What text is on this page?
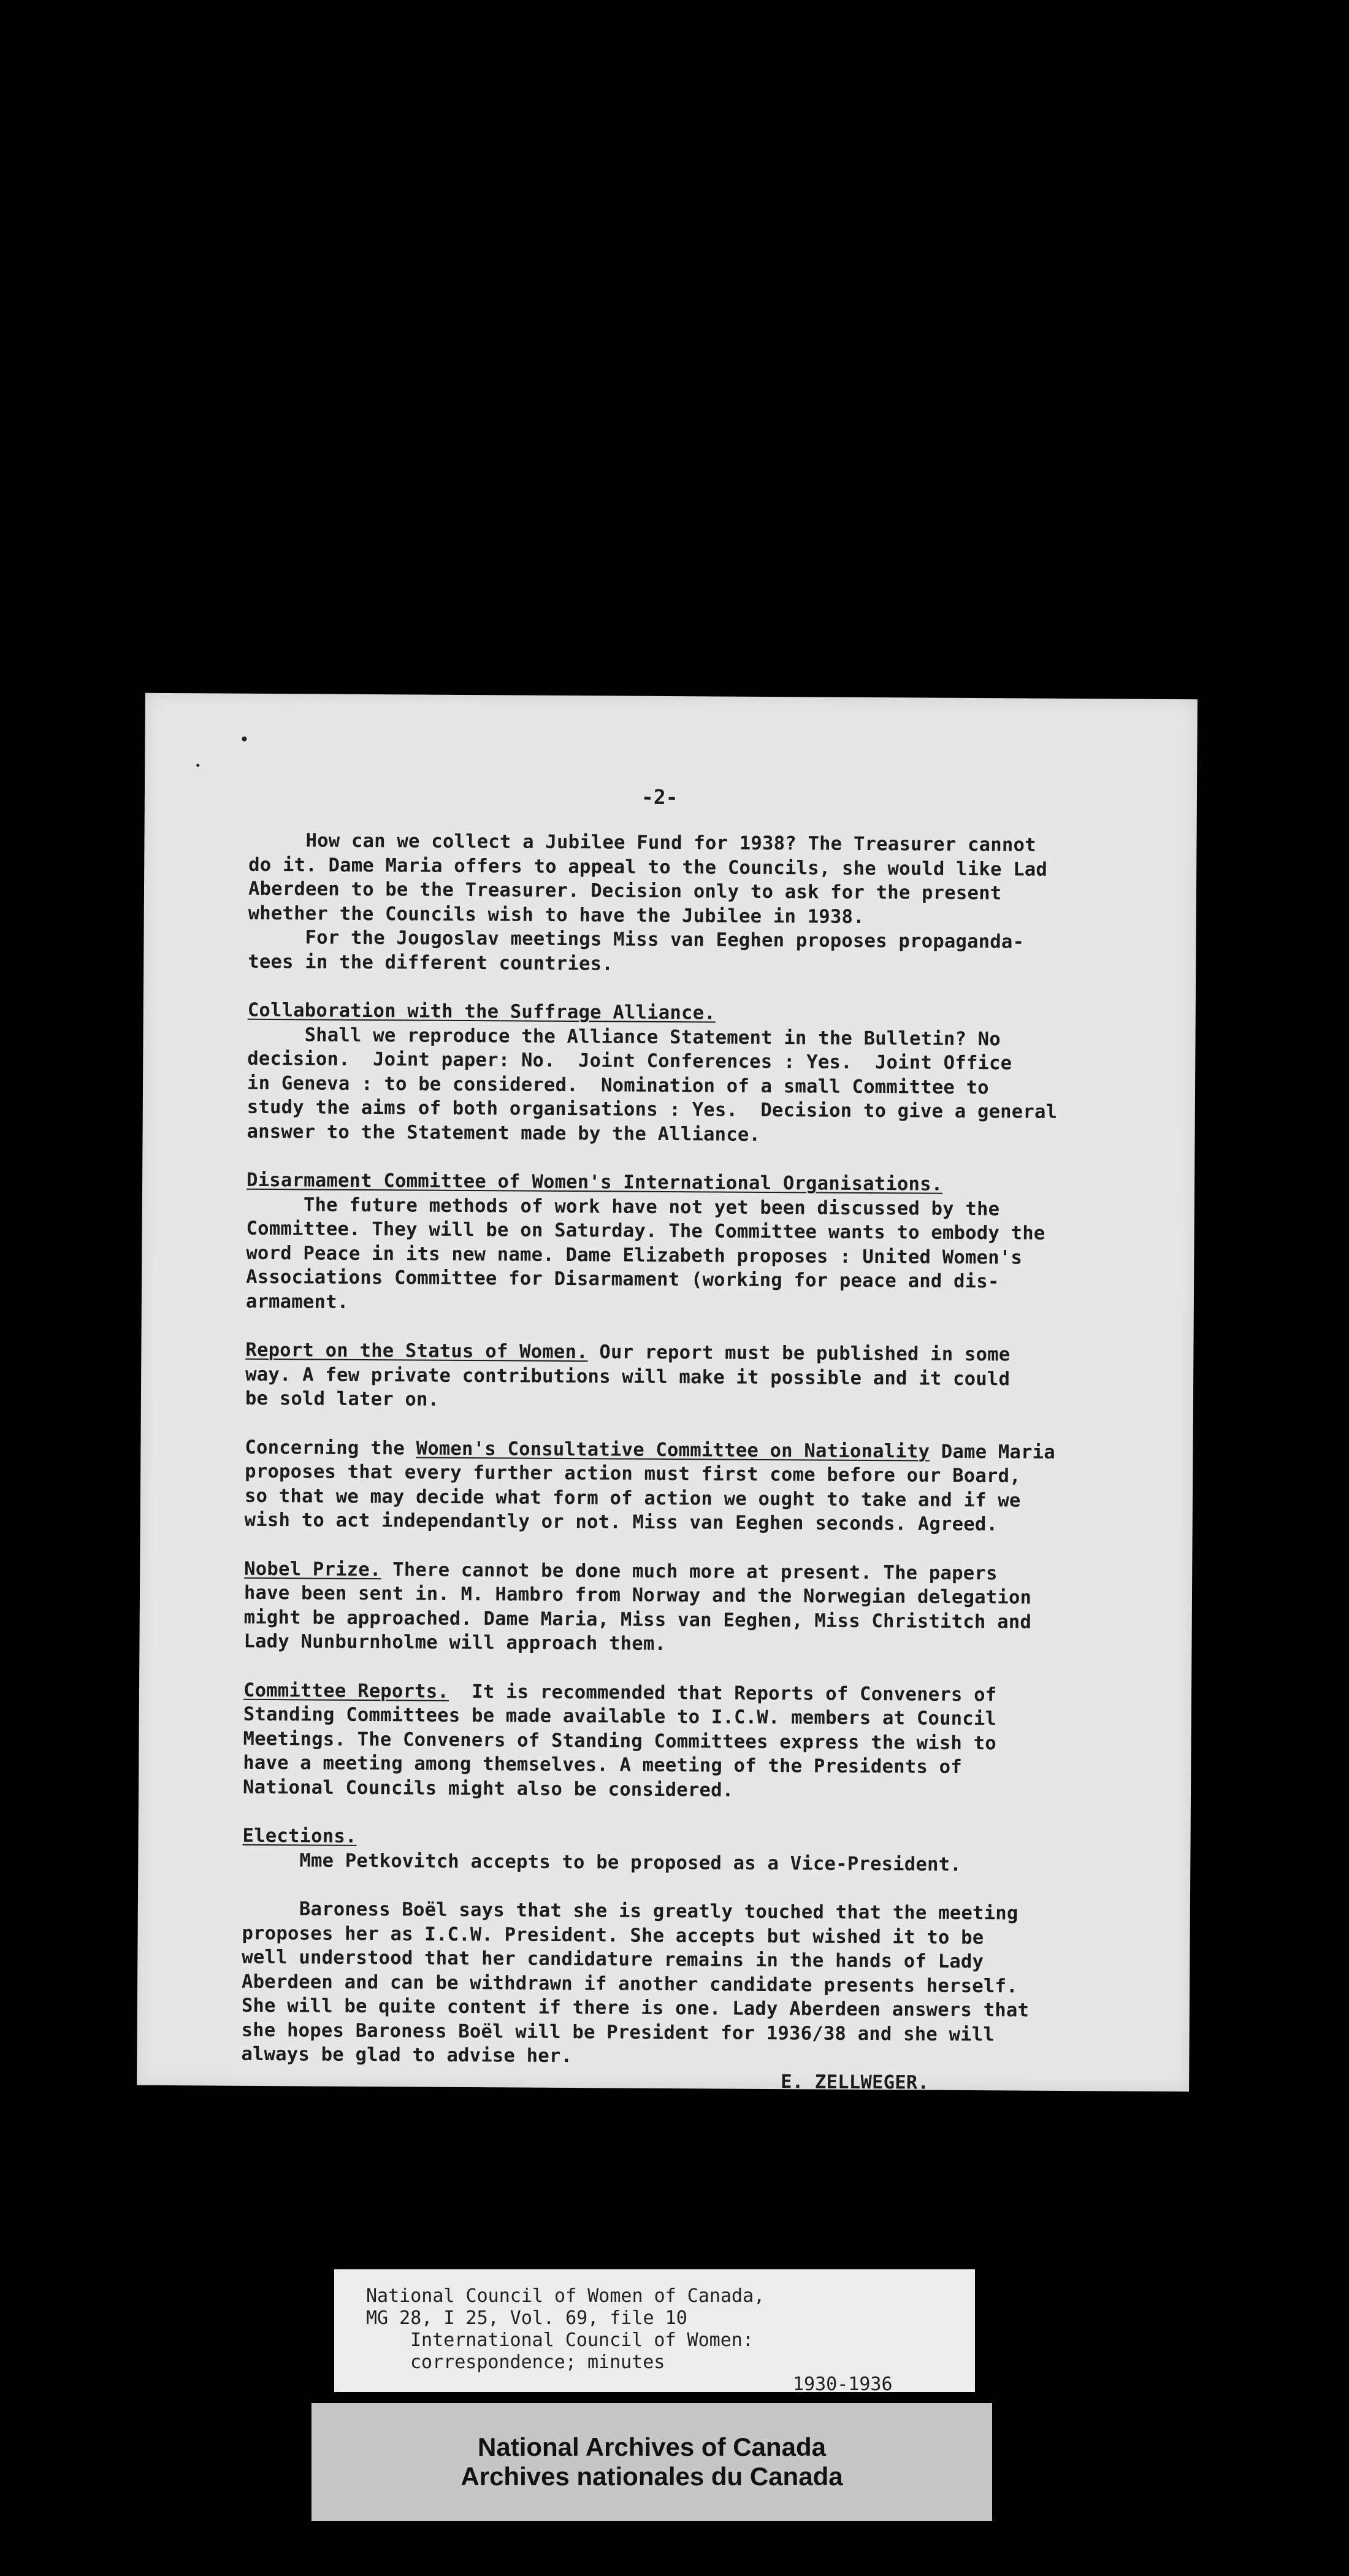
-2-

How can we collect a Jubilee Fund for 1938? The Treasurer cannot
do it. Dame Maria offers to appeal to the Councils, she would like Lad
Aberdeen to be the Treasurer. Decision only to ask for the present
whether the Councils wish to have the Jubilee in 1938.

For the Jougoslav meetings Miss van Eeghen proposes propaganda-
tees in the different countries.

Collaboration with the Suffrage Alliance.
Shall we reproduce the Alliance Statement in the Bulletin? No
decision.  Joint paper: No.  Joint Conferences : Yes.  Joint Office
in Geneva : to be considered.  Nomination of a small Committee to
study the aims of both organisations : Yes.  Decision to give a general
answer to the Statement made by the Alliance.

Disarmament Committee of Women's International Organisations.
The future methods of work have not yet been discussed by the
Committee. They will be on Saturday. The Committee wants to embody the
word Peace in its new name. Dame Elizabeth proposes : United Women's
Associations Committee for Disarmament (working for peace and dis-
armament.

Report on the Status of Women. Our report must be published in some
way. A few private contributions will make it possible and it could
be sold later on.

Concerning the Women's Consultative Committee on Nationality Dame Maria
proposes that every further action must first come before our Board,
so that we may decide what form of action we ought to take and if we
wish to act independantly or not. Miss van Eeghen seconds. Agreed.

Nobel Prize. There cannot be done much more at present. The papers
have been sent in. M. Hambro from Norway and the Norwegian delegation
might be approached. Dame Maria, Miss van Eeghen, Miss Christitch and
Lady Nunburnholme will approach them.

Committee Reports.  It is recommended that Reports of Conveners of
Standing Committees be made available to I.C.W. members at Council
Meetings. The Conveners of Standing Committees express the wish to
have a meeting among themselves. A meeting of the Presidents of
National Councils might also be considered.

Elections.
Mme Petkovitch accepts to be proposed as a Vice-President.

Baroness Boël says that she is greatly touched that the meeting
proposes her as I.C.W. President. She accepts but wished it to be
well understood that her candidature remains in the hands of Lady
Aberdeen and can be withdrawn if another candidate presents herself.
She will be quite content if there is one. Lady Aberdeen answers that
she hopes Baroness Boël will be President for 1936/38 and she will
always be glad to advise her.

E. ZELLWEGER.

National Council of Women of Canada,
MG 28, I 25, Vol. 69, file 10
International Council of Women:
correspondence; minutes
1930-1936
National Archives of Canada
Archives nationales du Canada
